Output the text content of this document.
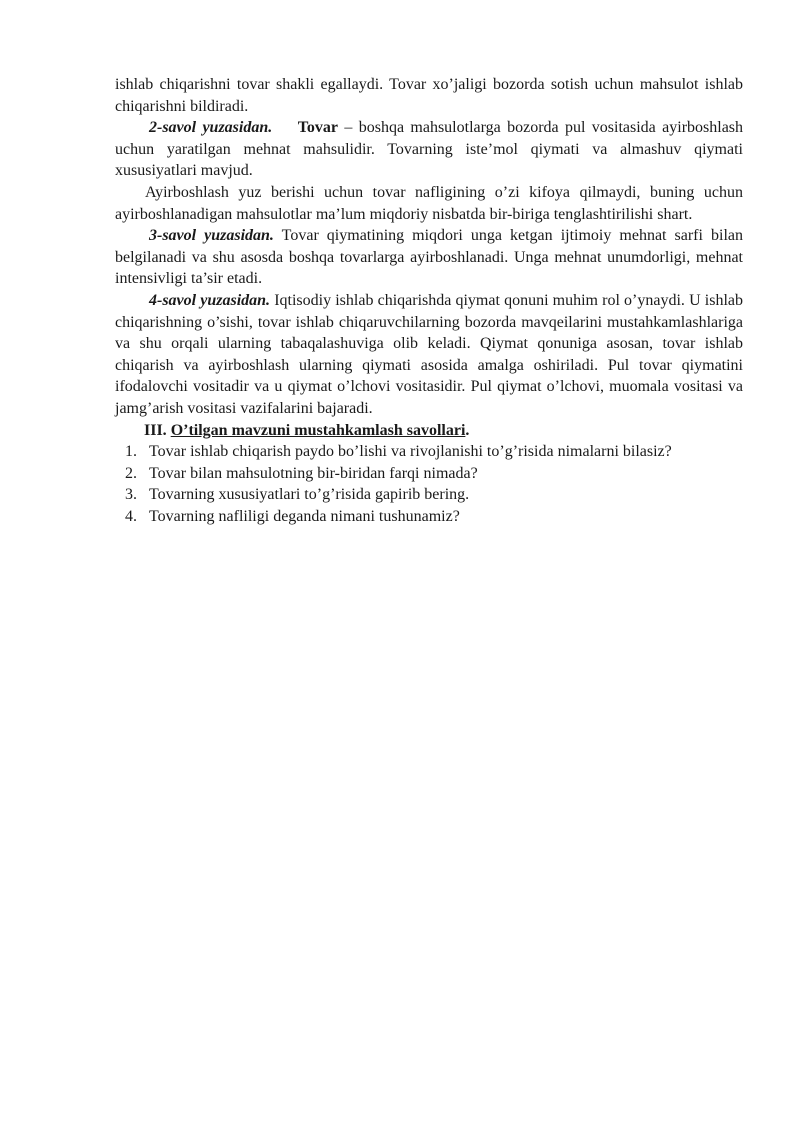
ishlab chiqarishni tovar shakli egallaydi. Tovar xo’jaligi bozorda sotish uchun mahsulot ishlab chiqarishni bildiradi.

2-savol yuzasidan. Tovar – boshqa mahsulotlarga bozorda pul vositasida ayirboshlash uchun yaratilgan mehnat mahsulidir. Tovarning iste’mol qiymati va almashuv qiymati xususiyatlari mavjud.

Ayirboshlash yuz berishi uchun tovar nafligining o’zi kifoya qilmaydi, buning uchun ayirboshlanadigan mahsulotlar ma’lum miqdoriy nisbatda bir-biriga tenglashtirilishi shart.

3-savol yuzasidan. Tovar qiymatining miqdori unga ketgan ijtimoiy mehnat sarfi bilan belgilanadi va shu asosda boshqa tovarlarga ayirboshlanadi. Unga mehnat unumdorligi, mehnat intensivligi ta’sir etadi.

4-savol yuzasidan. Iqtisodiy ishlab chiqarishda qiymat qonuni muhim rol o’ynaydi. U ishlab chiqarishning o’sishi, tovar ishlab chiqaruvchilarning bozorda mavqeilarini mustahkamlashlariga va shu orqali ularning tabaqalashuviga olib keladi. Qiymat qonuniga asosan, tovar ishlab chiqarish va ayirboshlash ularning qiymati asosida amalga oshiriladi. Pul tovar qiymatini ifodalovchi vositadir va u qiymat o’lchovi vositasidir. Pul qiymat o’lchovi, muomala vositasi va jamg’arish vositasi vazifalarini bajaradi.

III. O’tilgan mavzuni mustahkamlash savollari.

1. Tovar ishlab chiqarish paydo bo’lishi va rivojlanishi to’g’risida nimalarni bilasiz?
2. Tovar bilan mahsulotning bir-biridan farqi nimada?
3. Tovarning xususiyatlari to’g’risida gapirib bering.
4. Tovarning nafliligi deganda nimani tushunamiz?
